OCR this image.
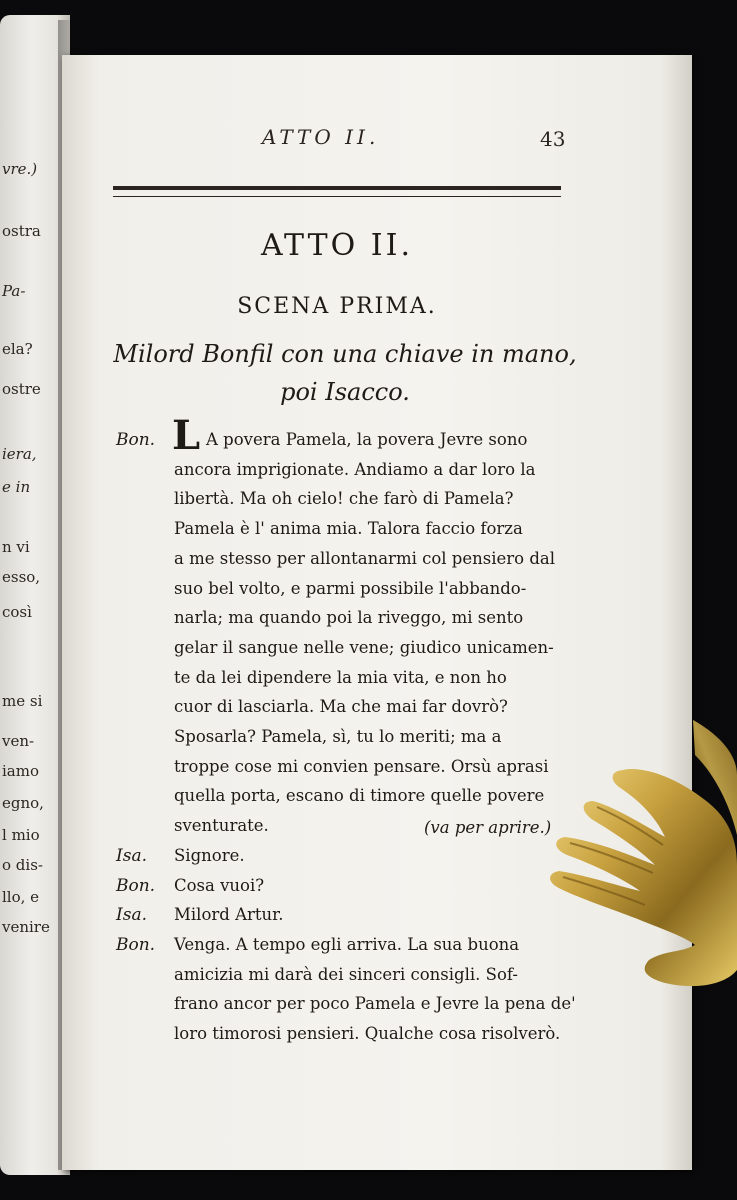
vre.)
ostra
Pa-
ela?
ostre
iera,
e in
n vi
esso,
così
me si
ven-
iamo
egno,
l mio
o dis-
llo, e
venire
ATTO II.	43
ATTO II.
SCENA PRIMA.
Milord Bonfil con una chiave in mano,
poi Isacco.
L
(va per aprire.)
Bon.	A povera Pamela, la povera Jevre sono
ancora imprigionate. Andiamo a dar loro la
libertà. Ma oh cielo! che farò di Pamela?
Pamela è l' anima mia. Talora faccio forza
a me stesso per allontanarmi col pensiero dal
suo bel volto, e parmi possibile l'abbando-
narla; ma quando poi la riveggo, mi sento
gelar il sangue nelle vene; giudico unicamen-
te da lei dipendere la mia vita, e non ho
cuor di lasciarla. Ma che mai far dovrò?
Sposarla? Pamela, sì, tu lo meriti; ma a
troppe cose mi convien pensare. Orsù aprasi
quella porta, escano di timore quelle povere
sventurate.
Isa. Signore.
Bon. Cosa vuoi?
Isa. Milord Artur.
Bon. Venga. A tempo egli arriva. La sua buona
amicizia mi darà dei sinceri consigli. Sof-
frano ancor per poco Pamela e Jevre la pena de'
loro timorosi pensieri. Qualche cosa risolverò.
